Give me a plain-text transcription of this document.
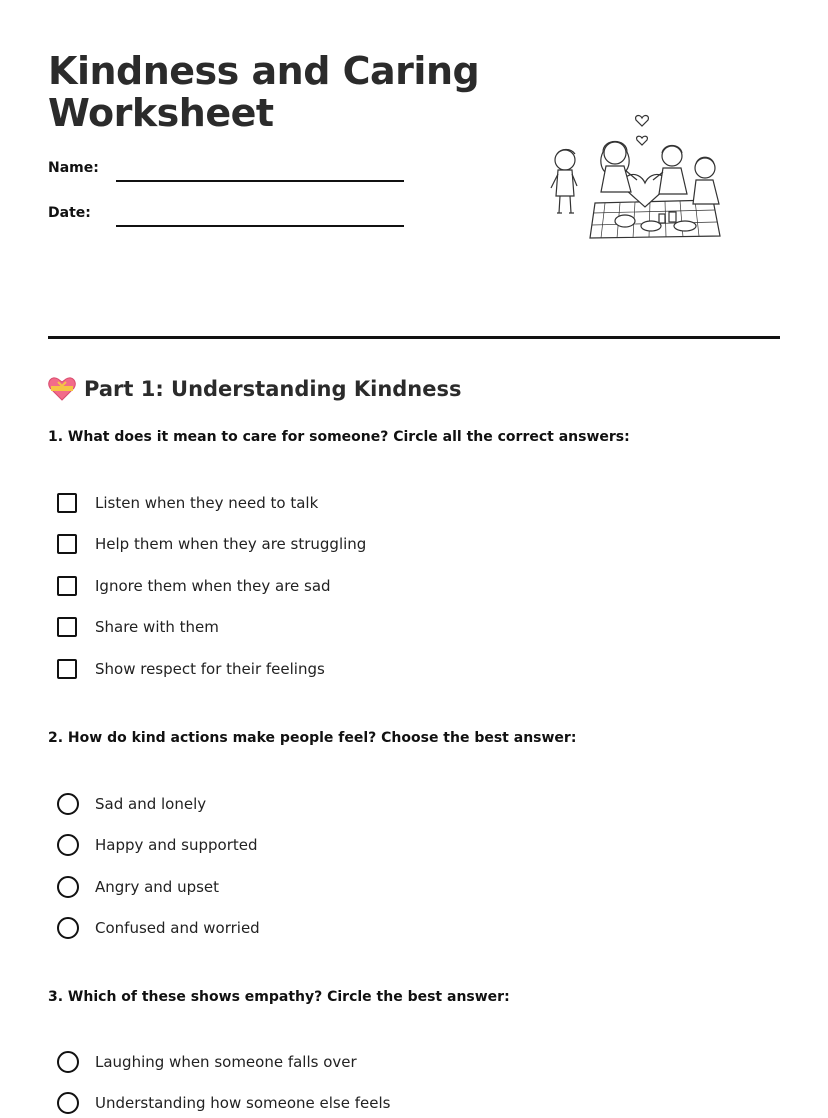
Kindness and Caring
Worksheet
Name:
Date:
Part 1: Understanding Kindness
1. What does it mean to care for someone? Circle all the correct answers:
Listen when they need to talk
Help them when they are struggling
Ignore them when they are sad
Share with them
Show respect for their feelings
2. How do kind actions make people feel? Choose the best answer:
Sad and lonely
Happy and supported
Angry and upset
Confused and worried
3. Which of these shows empathy? Circle the best answer:
Laughing when someone falls over
Understanding how someone else feels
